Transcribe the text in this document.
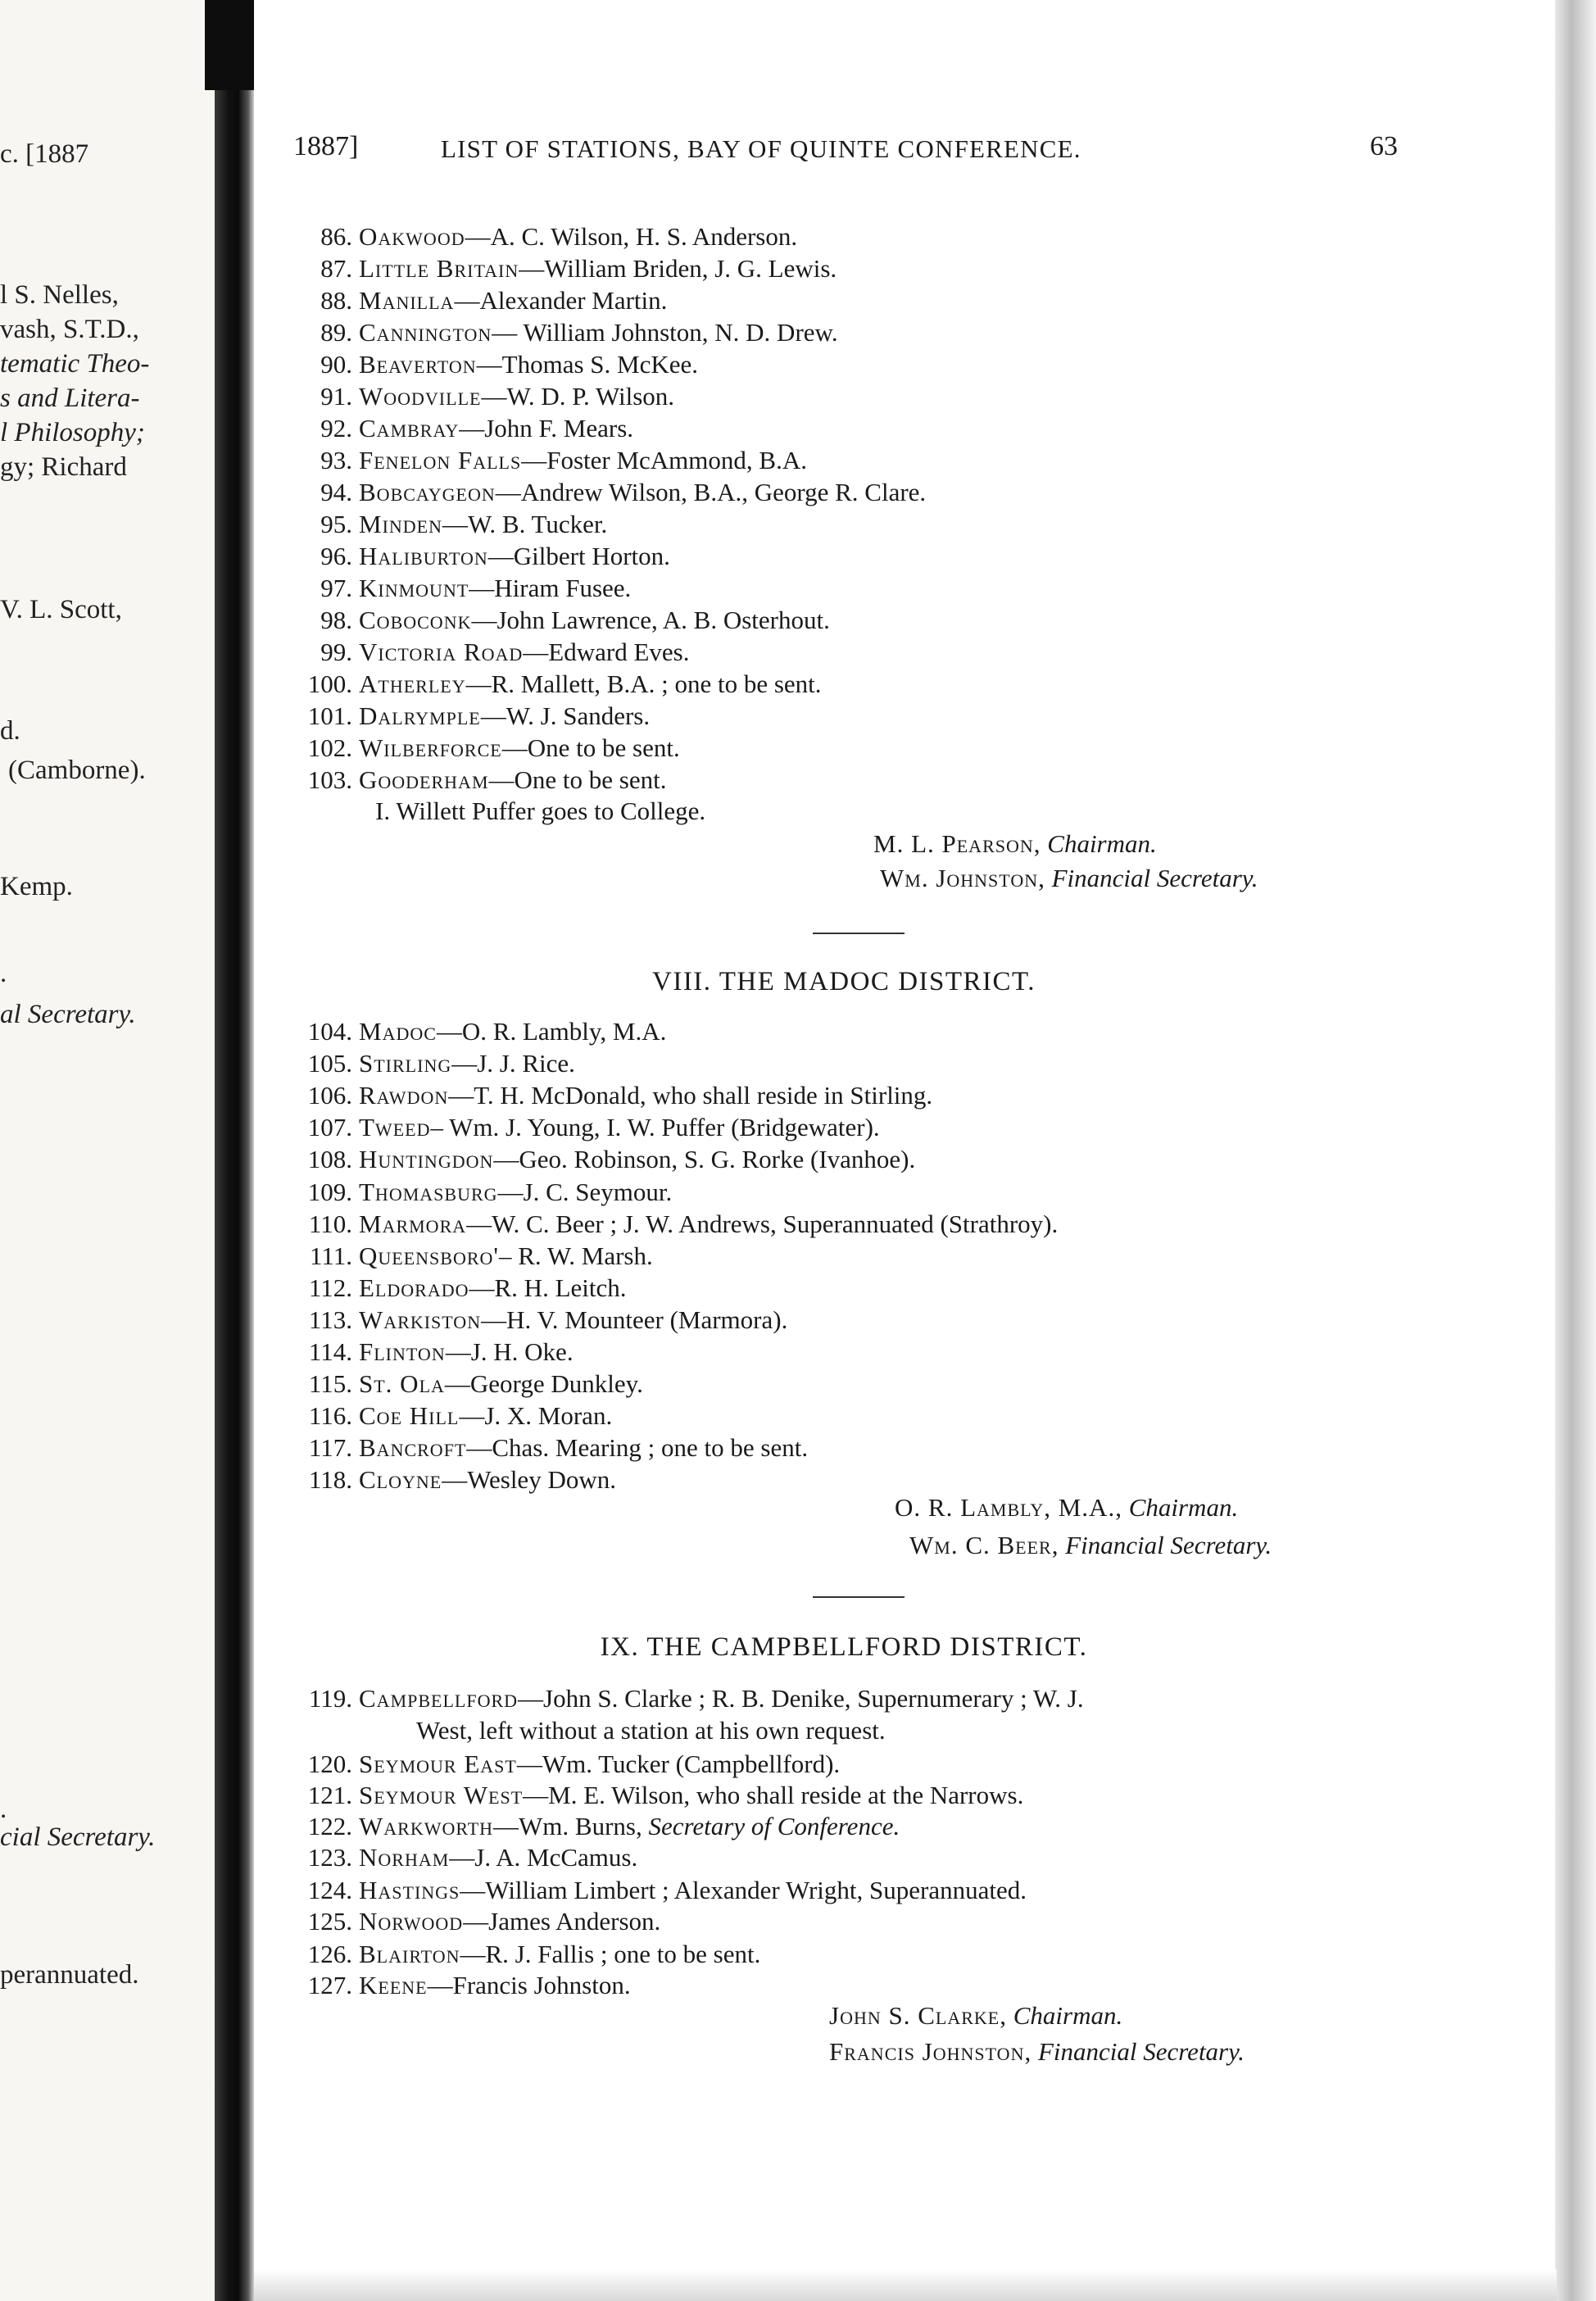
c. [1887
l S. Nelles,
vash, S.T.D.,
tematic Theo-
s and Litera-
l Philosophy;
gy; Richard
V. L. Scott,
d.
(Camborne).
Kemp.
.
al Secretary.
.
cial Secretary.
perannuated.
1887]	LIST OF STATIONS, BAY OF QUINTE CONFERENCE.	63
86. Oakwood—A. C. Wilson, H. S. Anderson.
87. Little Britain—William Briden, J. G. Lewis.
88. Manilla—Alexander Martin.
89. Cannington— William Johnston, N. D. Drew.
90. Beaverton—Thomas S. McKee.
91. Woodville—W. D. P. Wilson.
92. Cambray—John F. Mears.
93. Fenelon Falls—Foster McAmmond, B.A.
94. Bobcaygeon—Andrew Wilson, B.A., George R. Clare.
95. Minden—W. B. Tucker.
96. Haliburton—Gilbert Horton.
97. Kinmount—Hiram Fusee.
98. Coboconk—John Lawrence, A. B. Osterhout.
99. Victoria Road—Edward Eves.
100. Atherley—R. Mallett, B.A. ; one to be sent.
101. Dalrymple—W. J. Sanders.
102. Wilberforce—One to be sent.
103. Gooderham—One to be sent.
I. Willett Puffer goes to College.
M. L. Pearson, Chairman.
Wm. Johnston, Financial Secretary.
VIII. THE MADOC DISTRICT.
104. Madoc—O. R. Lambly, M.A.
105. Stirling—J. J. Rice.
106. Rawdon—T. H. McDonald, who shall reside in Stirling.
107. Tweed– Wm. J. Young, I. W. Puffer (Bridgewater).
108. Huntingdon—Geo. Robinson, S. G. Rorke (Ivanhoe).
109. Thomasburg—J. C. Seymour.
110. Marmora—W. C. Beer ; J. W. Andrews, Superannuated (Strathroy).
111. Queensboro'– R. W. Marsh.
112. Eldorado—R. H. Leitch.
113. Warkiston—H. V. Mounteer (Marmora).
114. Flinton—J. H. Oke.
115. St. Ola—George Dunkley.
116. Coe Hill—J. X. Moran.
117. Bancroft—Chas. Mearing ; one to be sent.
118. Cloyne—Wesley Down.
O. R. Lambly, M.A., Chairman.
Wm. C. Beer, Financial Secretary.
IX. THE CAMPBELLFORD DISTRICT.
119. Campbellford—John S. Clarke ; R. B. Denike, Supernumerary ; W. J.
120. Seymour East—Wm. Tucker (Campbellford).
121. Seymour West—M. E. Wilson, who shall reside at the Narrows.
122. Warkworth—Wm. Burns, Secretary of Conference.
123. Norham—J. A. McCamus.
124. Hastings—William Limbert ; Alexander Wright, Superannuated.
125. Norwood—James Anderson.
126. Blairton—R. J. Fallis ; one to be sent.
127. Keene—Francis Johnston.
West, left without a station at his own request.
John S. Clarke, Chairman.
Francis Johnston, Financial Secretary.
